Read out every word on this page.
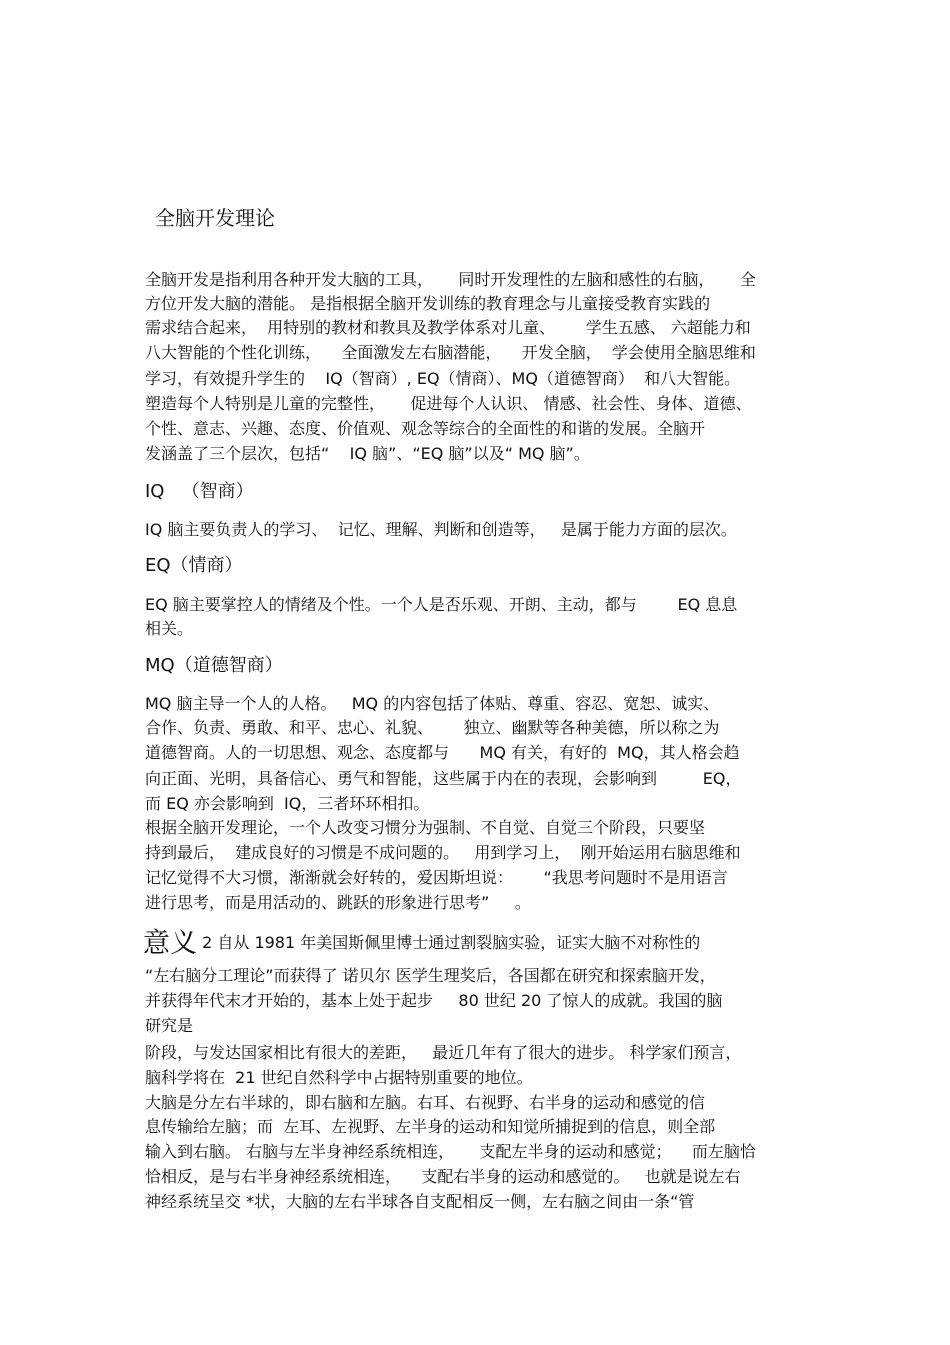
全脑开发理论
全脑开发是指利用各种开发大脑的工具，     同时开发理性的左脑和感性的右脑，     全
方位开发大脑的潜能。 是指根据全脑开发训练的教育理念与儿童接受教育实践的
需求结合起来，  用特别的教材和教具及教学体系对儿童、      学生五感、 六超能力和
八大智能的个性化训练，    全面激发左右脑潜能，    开发全脑，  学会使用全脑思维和
学习，有效提升学生的    IQ（智商）, EQ（情商）、MQ（道德智商）  和八大智能。
塑造每个人特别是儿童的完整性，     促进每个人认识、 情感、社会性、身体、道德、
个性、意志、兴趣、态度、价值观、观念等综合的全面性的和谐的发展。全脑开
发涵盖了三个层次，包括“    IQ 脑”、“EQ 脑”以及“ MQ 脑”。
IQ   （智商）
IQ 脑主要负责人的学习、  记忆、理解、判断和创造等，   是属于能力方面的层次。
EQ（情商）
EQ 脑主要掌控人的情绪及个性。一个人是否乐观、开朗、主动，都与        EQ 息息
相关。
MQ（道德智商）
MQ 脑主导一个人的人格。   MQ 的内容包括了体贴、尊重、容忍、宽恕、诚实、
合作、负责、勇敢、和平、忠心、礼貌、      独立、幽默等各种美德，所以称之为
道德智商。人的一切思想、观念、态度都与      MQ 有关，有好的  MQ，其人格会趋
向正面、光明，具备信心、勇气和智能，这些属于内在的表现，会影响到         EQ，
而 EQ 亦会影响到  IQ，三者环环相扣。
根据全脑开发理论，一个人改变习惯分为强制、不自觉、自觉三个阶段，只要坚
持到最后，  建成良好的习惯是不成问题的。   用到学习上，  刚开始运用右脑思维和
记忆觉得不大习惯，渐渐就会好转的，爱因斯坦说：      “我思考问题时不是用语言
进行思考，而是用活动的、跳跃的形象进行思考”     。
意义 2 自从 1981 年美国斯佩里博士通过割裂脑实验，证实大脑不对称性的
“左右脑分工理论”而获得了 诺贝尔 医学生理奖后，各国都在研究和探索脑开发，
并获得年代末才开始的，基本上处于起步     80 世纪 20 了惊人的成就。我国的脑
研究是
阶段，与发达国家相比有很大的差距，   最近几年有了很大的进步。 科学家们预言，
脑科学将在  21 世纪自然科学中占据特别重要的地位。
大脑是分左右半球的，即右脑和左脑。右耳、右视野、右半身的运动和感觉的信
息传输给左脑；而  左耳、左视野、左半身的运动和知觉所捕捉到的信息，则全部
输入到右脑。 右脑与左半身神经系统相连，     支配左半身的运动和感觉；    而左脑恰
恰相反，是与右半身神经系统相连，    支配右半身的运动和感觉的。   也就是说左右
神经系统呈交 *状，大脑的左右半球各自支配相反一侧，左右脑之间由一条“管
